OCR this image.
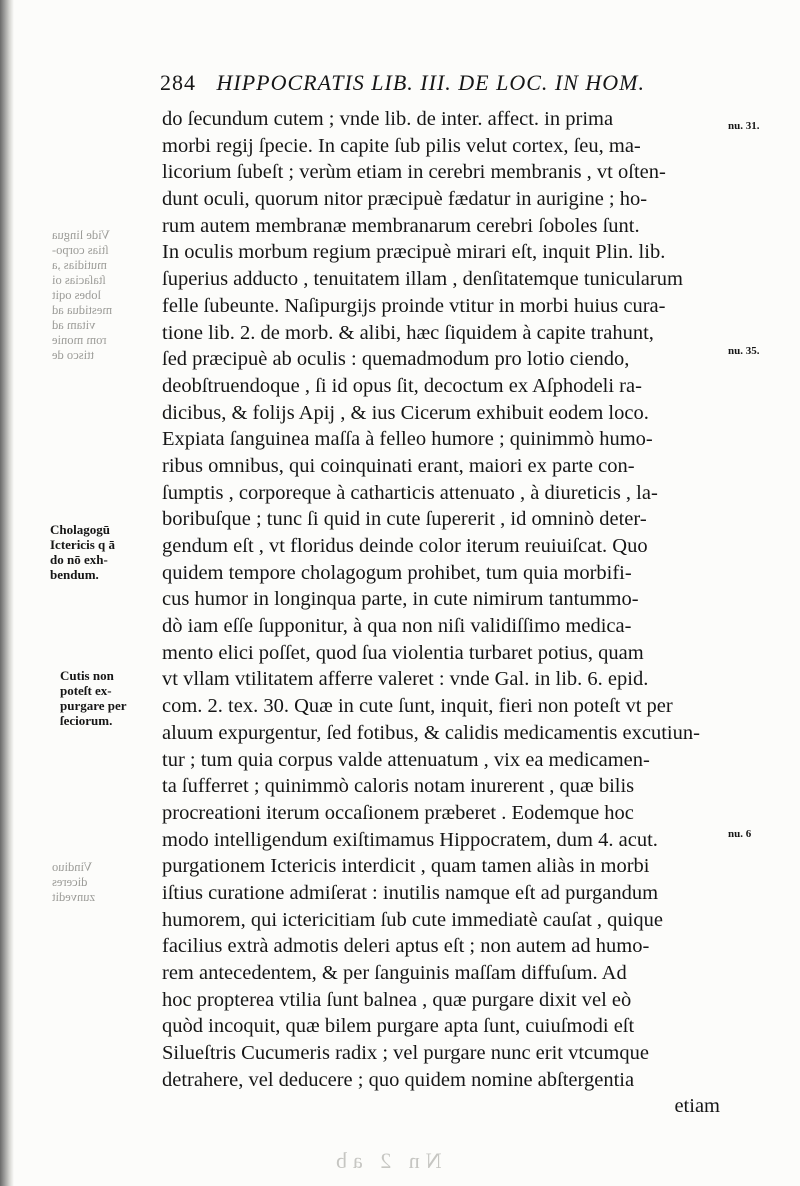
284 HIPPOCRATIS LIB. III. DE LOC. IN HOM.
do ſecundum cutem ; vnde lib. de inter. affect. in prima
morbi regij ſpecie. In capite ſub pilis velut cortex, ſeu, ma-
licorium ſubeſt ; verùm etiam in cerebri membranis , vt oſten-
dunt oculi, quorum nitor præcipuè fædatur in aurigine ; ho-
rum autem membranæ membranarum cerebri ſoboles ſunt.
In oculis morbum regium præcipuè mirari eſt, inquit Plin. lib.
ſuperius adducto , tenuitatem illam , denſitatemque tunicularum
felle ſubeunte. Naſipurgijs proinde vtitur in morbi huius cura-
tione lib. 2. de morb. & alibi, hæc ſiquidem à capite trahunt,
ſed præcipuè ab oculis : quemadmodum pro lotio ciendo,
deobſtruendoque , ſi id opus ſit, decoctum ex Aſphodeli ra-
dicibus, & folijs Apij , & ius Cicerum exhibuit eodem loco.
Expiata ſanguinea maſſa à felleo humore ; quinimmò humo-
ribus omnibus, qui coinquinati erant, maiori ex parte con-
ſumptis , corporeque à catharticis attenuato , à diureticis , la-
boribuſque ; tunc ſi quid in cute ſupererit , id omninò deter-
gendum eſt , vt floridus deinde color iterum reuiuiſcat. Quo
quidem tempore cholagogum prohibet, tum quia morbifi-
cus humor in longinqua parte, in cute nimirum tantummo-
dò iam eſſe ſupponitur, à qua non niſi validiſſimo medica-
mento elici poſſet, quod ſua violentia turbaret potius, quam
vt vllam vtilitatem afferre valeret : vnde Gal. in lib. 6. epid.
com. 2. tex. 30. Quæ in cute ſunt, inquit, fieri non poteſt vt per
aluum expurgentur, ſed fotibus, & calidis medicamentis excutiun-
tur ; tum quia corpus valde attenuatum , vix ea medicamen-
ta ſufferret ; quinimmò caloris notam inurerent , quæ bilis
procreationi iterum occaſionem præberet . Eodemque hoc
modo intelligendum exiſtimamus Hippocratem, dum 4. acut.
purgationem Ictericis interdicit , quam tamen aliàs in morbi
iſtius curatione admiſerat : inutilis namque eſt ad purgandum
humorem, qui ictericitiam ſub cute immediatè cauſat , quique
facilius extrà admotis deleri aptus eſt ; non autem ad humo-
rem antecedentem, & per ſanguinis maſſam diffuſum. Ad
hoc propterea vtilia ſunt balnea , quæ purgare dixit vel eò
quòd incoquit, quæ bilem purgare apta ſunt, cuiuſmodi eſt
Silueſtris Cucumeris radix ; vel purgare nunc erit vtcumque
detrahere, vel deducere ; quo quidem nomine abſtergentia
etiam
Vide lingua
ſtias corpo-
mutidias ,a
ſtaſacias oi
lobes oqit
mestidua ad
vitam ad
rom monie
ttisco de
Vindiuo
diceres
zunvedit
Cholagogū
Ictericis q ā
do nō exh-
bendum.
Cutis non
poteſt ex-
purgare per
ſeciorum.
nu. 31.
nu. 35.
nu. 6
Nn 2 ab
